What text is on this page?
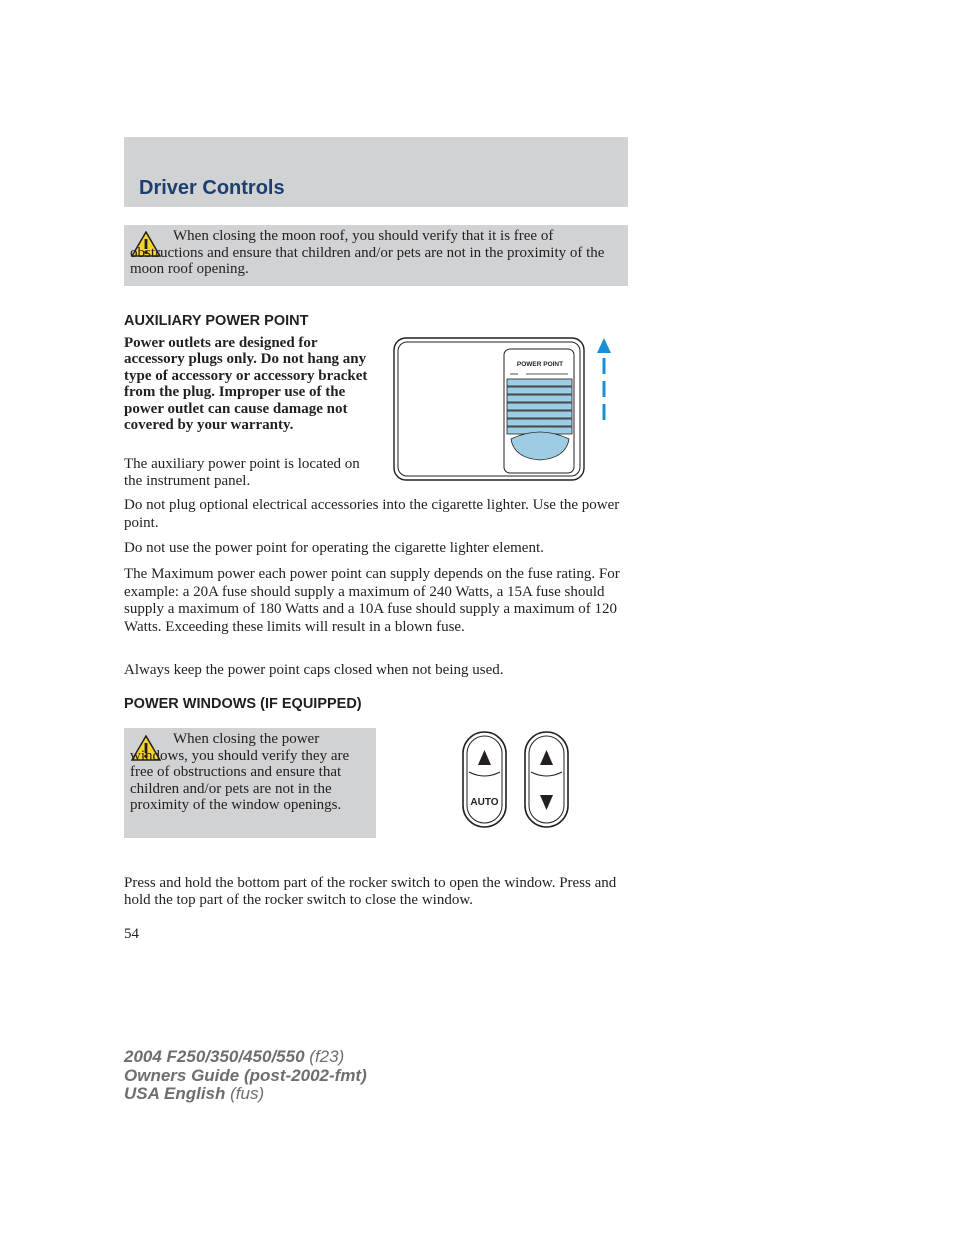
Driver Controls
When closing the moon roof, you should verify that it is free of obstructions and ensure that children and/or pets are not in the proximity of the moon roof opening.
AUXILIARY POWER POINT

Power outlets are designed for accessory plugs only. Do not hang any type of accessory or accessory bracket from the plug. Improper use of the power outlet can cause damage not covered by your warranty.

The auxiliary power point is located on the instrument panel.

POWER POINT

Do not plug optional electrical accessories into the cigarette lighter. Use the power point.

Do not use the power point for operating the cigarette lighter element.

The Maximum power each power point can supply depends on the fuse rating. For example: a 20A fuse should supply a maximum of 240 Watts, a 15A fuse should supply a maximum of 180 Watts and a 10A fuse should supply a maximum of 120 Watts. Exceeding these limits will result in a blown fuse.

Always keep the power point caps closed when not being used.

POWER WINDOWS (IF EQUIPPED)
When closing the power windows, you should verify they are free of obstructions and ensure that children and/or pets are not in the proximity of the window openings.	AUTO

Press and hold the bottom part of the rocker switch to open the window. Press and hold the top part of the rocker switch to close the window.

54
2004 F250/350/450/550 (f23)
Owners Guide (post-2002-fmt)
USA English (fus)
